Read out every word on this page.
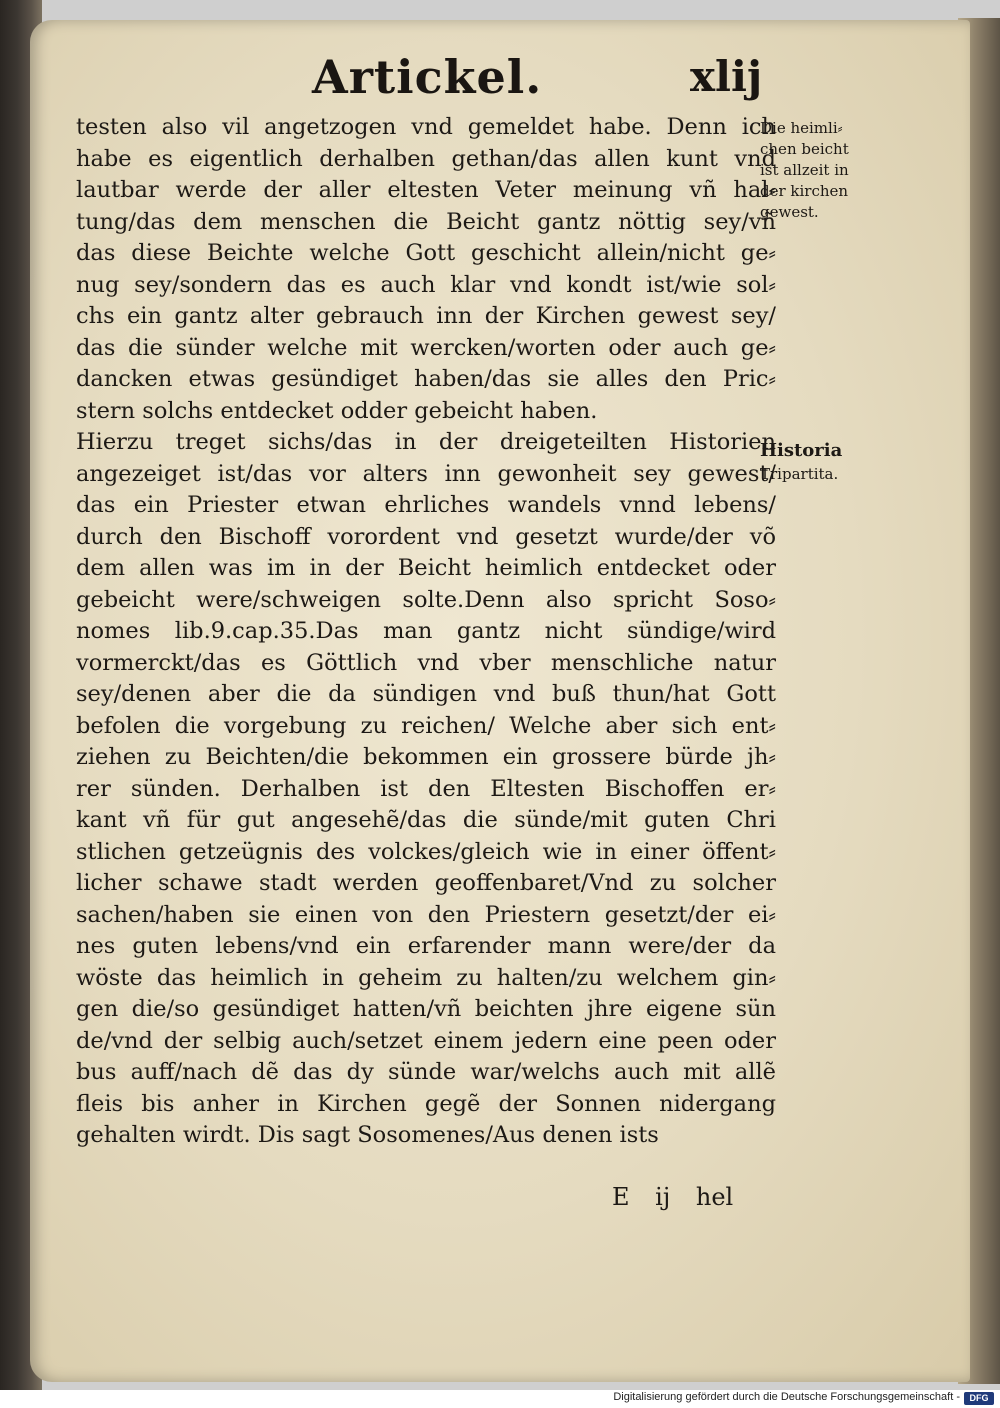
Artickel.	xlij
testen also vil angetzogen vnd gemeldet habe. Denn ich
habe es eigentlich derhalben gethan/das allen kunt vnd
lautbar werde der aller eltesten Veter meinung vñ hal⸗
tung/das dem menschen die Beicht gantz nöttig sey/vñ
das diese Beichte welche Gott geschicht allein/nicht ge⸗
nug sey/sondern das es auch klar vnd kondt ist/wie sol⸗
chs ein gantz alter gebrauch inn der Kirchen gewest sey/
das die sünder welche mit wercken/worten oder auch ge⸗
dancken etwas gesündiget haben/das sie alles den Pric⸗
stern solchs entdecket odder gebeicht haben.
Hierzu treget sichs/das in der dreigeteilten Historien
angezeiget ist/das vor alters inn gewonheit sey gewest/
das ein Priester etwan ehrliches wandels vnnd lebens/
durch den Bischoff vorordent vnd gesetzt wurde/der võ
dem allen was im in der Beicht heimlich entdecket oder
gebeicht were/schweigen solte.Denn also spricht Soso⸗
nomes lib.9.cap.35.Das man gantz nicht sündige/wird
vormerckt/das es Göttlich vnd vber menschliche natur
sey/denen aber die da sündigen vnd buß thun/hat Gott
befolen die vorgebung zu reichen/ Welche aber sich ent⸗
ziehen zu Beichten/die bekommen ein grossere bürde jh⸗
rer sünden. Derhalben ist den Eltesten Bischoffen er⸗
kant vñ für gut angesehẽ/das die sünde/mit guten Chri
stlichen getzeügnis des volckes/gleich wie in einer öffent⸗
licher schawe stadt werden geoffenbaret/Vnd zu solcher
sachen/haben sie einen von den Priestern gesetzt/der ei⸗
nes guten lebens/vnd ein erfarender mann were/der da
wöste das heimlich in geheim zu halten/zu welchem gin⸗
gen die/so gesündiget hatten/vñ beichten jhre eigene sün
de/vnd der selbig auch/setzet einem jedern eine peen oder
bus auff/nach dẽ das dy sünde war/welchs auch mit allẽ
fleis bis anher in Kirchen gegẽ der Sonnen nidergang
gehalten wirdt. Dis sagt Sosomenes/Aus denen ists
Die heimli⸗
chen beicht
ist allzeit in
der kirchen
gewest.
Historia
Tripartita.
E ij hel
Digitalisierung gefördert durch die Deutsche Forschungsgemeinschaft -	DFG
